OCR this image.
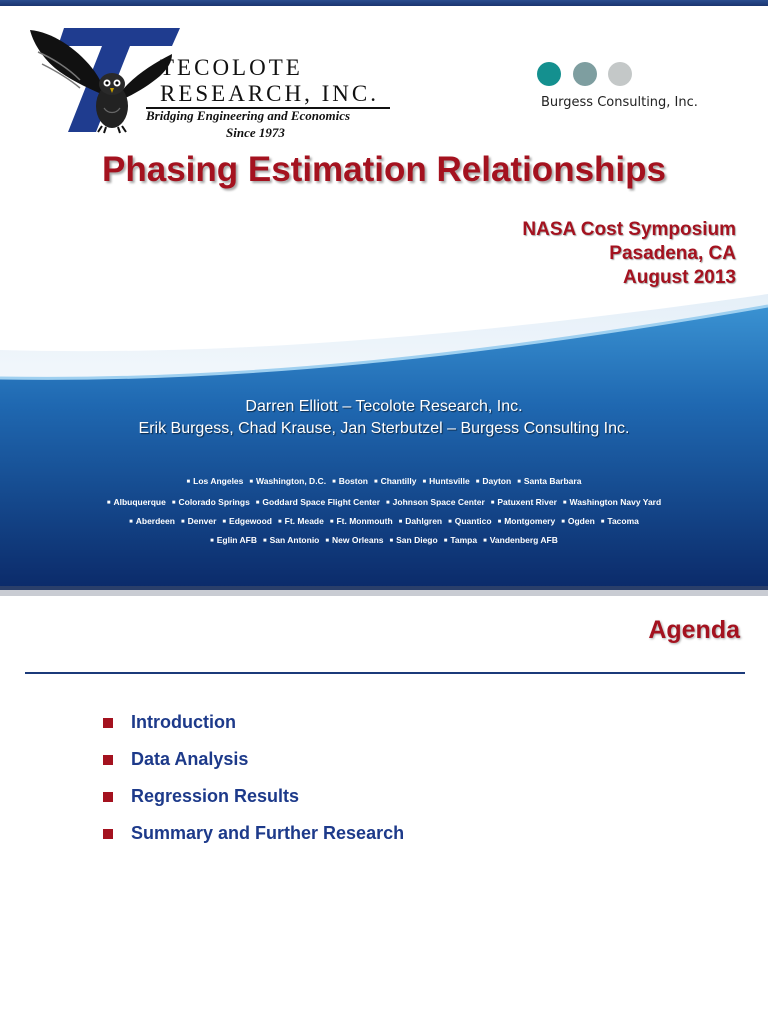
TECOLOTE
RESEARCH, INC.
Bridging Engineering and Economics
Since 1973
Burgess Consulting, Inc.
Phasing Estimation Relationships
NASA Cost Symposium
Pasadena, CA
August 2013
Darren Elliott – Tecolote Research, Inc.
Erik Burgess, Chad Krause, Jan Sterbutzel – Burgess Consulting Inc.
■ Los Angeles ■ Washington, D.C. ■ Boston ■ Chantilly ■ Huntsville ■ Dayton ■ Santa Barbara
■ Albuquerque ■ Colorado Springs ■ Goddard Space Flight Center ■ Johnson Space Center ■ Patuxent River ■ Washington Navy Yard
■ Aberdeen ■ Denver ■ Edgewood ■ Ft. Meade ■ Ft. Monmouth ■ Dahlgren ■ Quantico ■ Montgomery ■ Ogden ■ Tacoma
■ Eglin AFB ■ San Antonio ■ New Orleans ■ San Diego ■ Tampa ■ Vandenberg AFB
Agenda
Introduction
Data Analysis
Regression Results
Summary and Further Research
